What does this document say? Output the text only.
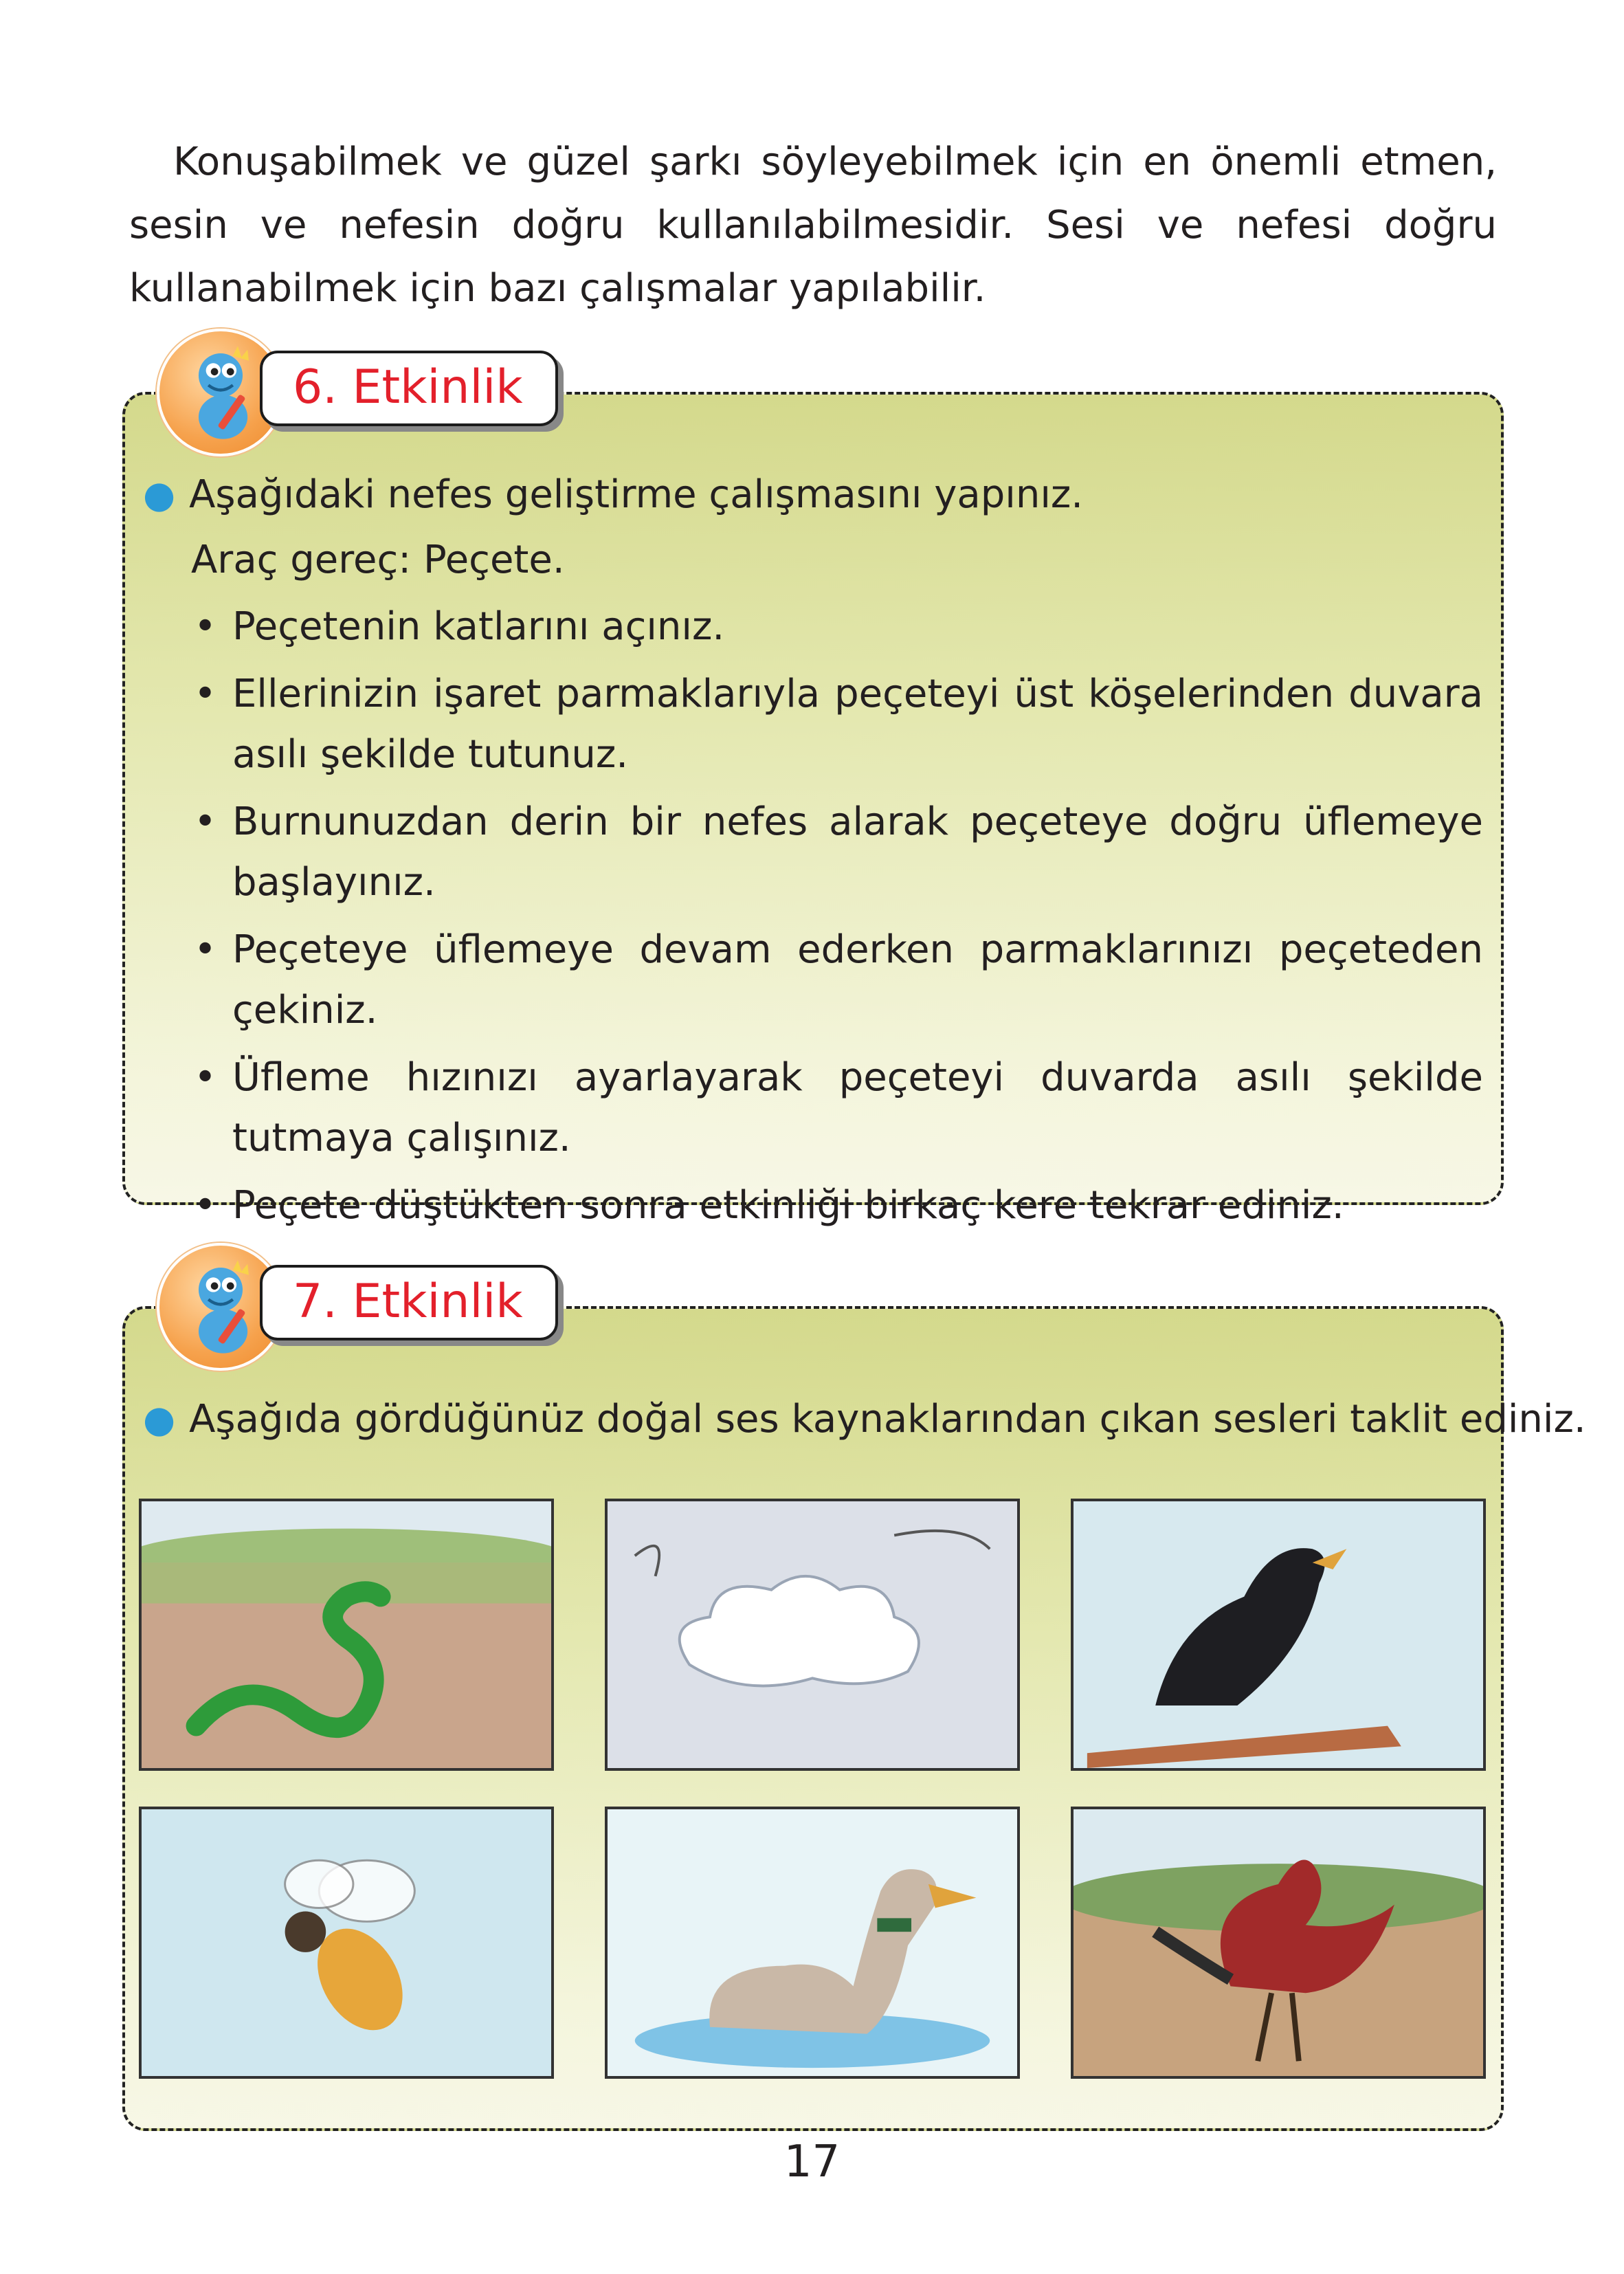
Konuşabilmek ve güzel şarkı söyleyebilmek için en önemli etmen, sesin ve nefesin doğru kullanılabilmesidir. Sesi ve nefesi doğru kullanabilmek için bazı çalışmalar yapılabilir.

6. Etkinlik
● Aşağıdaki nefes geliştirme çalışmasını yapınız.
Araç gereç: Peçete.
• Peçetenin katlarını açınız.
• Ellerinizin işaret parmaklarıyla peçeteyi üst köşelerinden duvara asılı şekilde tutunuz.
• Burnunuzdan derin bir nefes alarak peçeteye doğru üflemeye başlayınız.
• Peçeteye üflemeye devam ederken parmaklarınızı peçeteden çekiniz.
• Üfleme hızınızı ayarlayarak peçeteyi duvarda asılı şekilde tutmaya çalışınız.
• Peçete düştükten sonra etkinliği birkaç kere tekrar ediniz.
7. Etkinlik
● Aşağıda gördüğünüz doğal ses kaynaklarından çıkan sesleri taklit ediniz.
17
